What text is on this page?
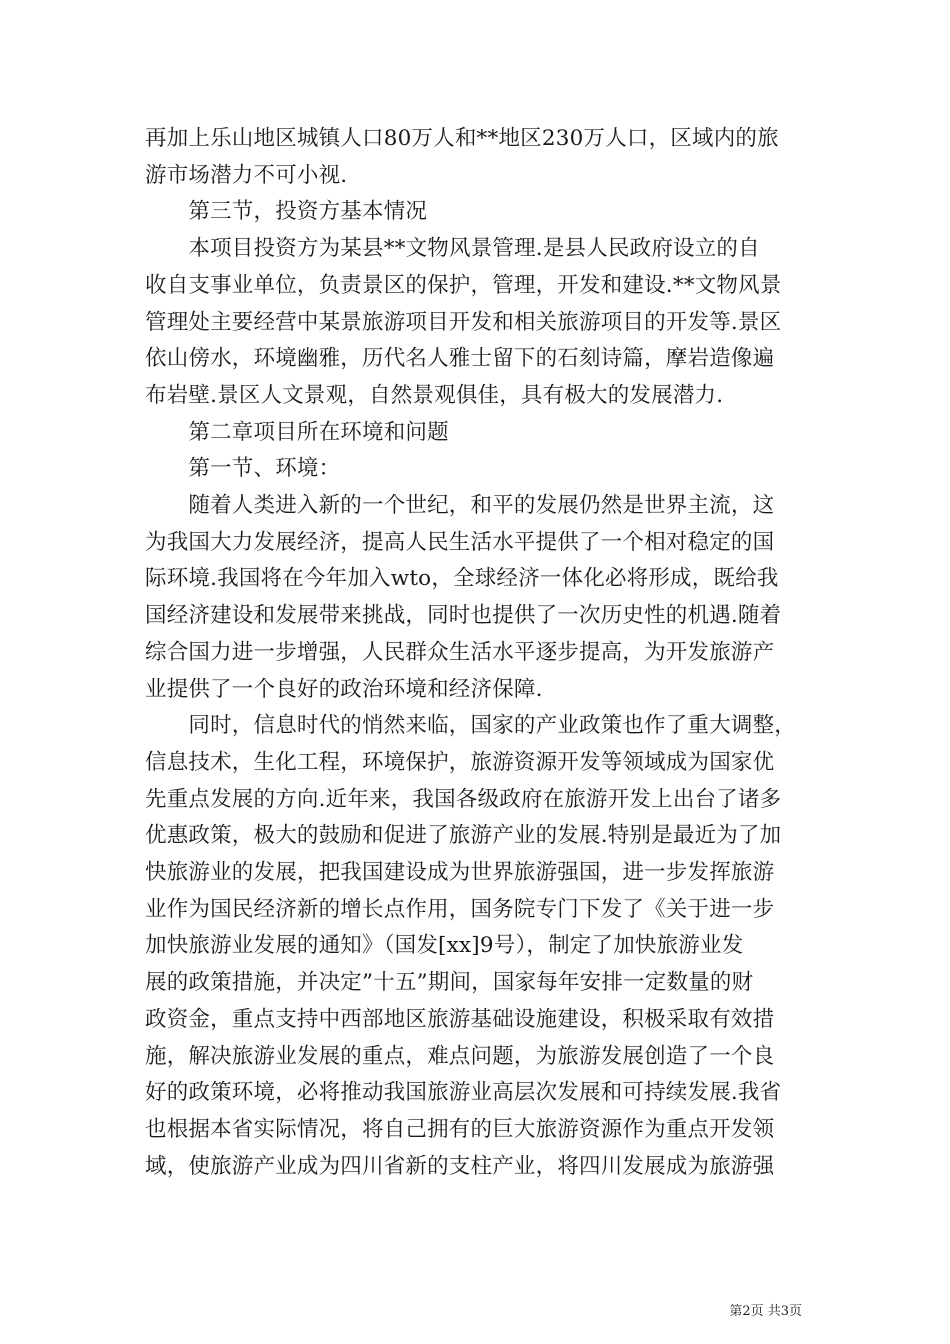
再加上乐山地区城镇人口80万人和**地区230万人口，区域内的旅

游市场潜力不可小视.

　　第三节，投资方基本情况

　　本项目投资方为某县**文物风景管理.是县人民政府设立的自

收自支事业单位，负责景区的保护，管理，开发和建设.**文物风景

管理处主要经营中某景旅游项目开发和相关旅游项目的开发等.景区

依山傍水，环境幽雅，历代名人雅士留下的石刻诗篇，摩岩造像遍

布岩壁.景区人文景观，自然景观俱佳，具有极大的发展潜力.

　　第二章项目所在环境和问题

　　第一节、环境：

　　随着人类进入新的一个世纪，和平的发展仍然是世界主流，这

为我国大力发展经济，提高人民生活水平提供了一个相对稳定的国

际环境.我国将在今年加入wto，全球经济一体化必将形成，既给我

国经济建设和发展带来挑战，同时也提供了一次历史性的机遇.随着

综合国力进一步增强，人民群众生活水平逐步提高，为开发旅游产

业提供了一个良好的政治环境和经济保障.

　　同时，信息时代的悄然来临，国家的产业政策也作了重大调整，

信息技术，生化工程，环境保护，旅游资源开发等领域成为国家优

先重点发展的方向.近年来，我国各级政府在旅游开发上出台了诸多

优惠政策，极大的鼓励和促进了旅游产业的发展.特别是最近为了加

快旅游业的发展，把我国建设成为世界旅游强国，进一步发挥旅游

业作为国民经济新的增长点作用，国务院专门下发了《关于进一步

加快旅游业发展的通知》（国发[xx]9号），制定了加快旅游业发

展的政策措施，并决定”十五”期间，国家每年安排一定数量的财

政资金，重点支持中西部地区旅游基础设施建设，积极采取有效措

施，解决旅游业发展的重点，难点问题，为旅游发展创造了一个良

好的政策环境，必将推动我国旅游业高层次发展和可持续发展.我省

也根据本省实际情况，将自己拥有的巨大旅游资源作为重点开发领

域，使旅游产业成为四川省新的支柱产业，将四川发展成为旅游强

第2页 共3页
